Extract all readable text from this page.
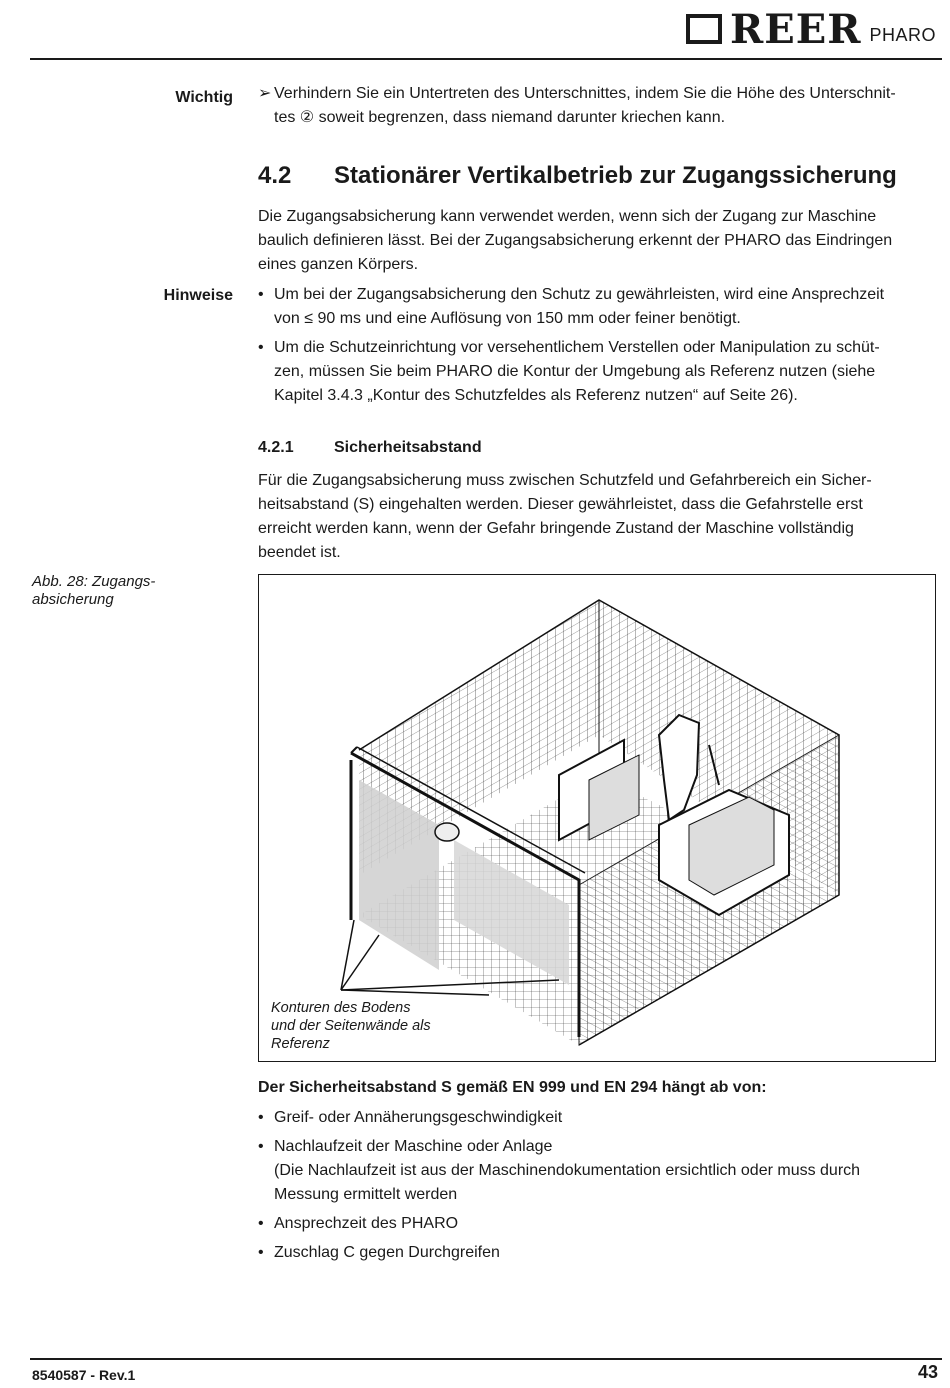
REER PHARO
Wichtig ➢ Verhindern Sie ein Untertreten des Unterschnittes, indem Sie die Höhe des Unterschnit-
tes ② soweit begrenzen, dass niemand darunter kriechen kann.
4.2 Stationärer Vertikalbetrieb zur Zugangssicherung
Die Zugangsabsicherung kann verwendet werden, wenn sich der Zugang zur Maschine
baulich definieren lässt. Bei der Zugangsabsicherung erkennt der PHARO das Eindringen
eines ganzen Körpers.
Hinweise • Um bei der Zugangsabsicherung den Schutz zu gewährleisten, wird eine Ansprechzeit
von ≤ 90 ms und eine Auflösung von 150 mm oder feiner benötigt.
• Um die Schutzeinrichtung vor versehentlichem Verstellen oder Manipulation zu schüt-
zen, müssen Sie beim PHARO die Kontur der Umgebung als Referenz nutzen (siehe
Kapitel 3.4.3 „Kontur des Schutzfeldes als Referenz nutzen“ auf Seite 26).
4.2.1	Sicherheitsabstand
Für die Zugangsabsicherung muss zwischen Schutzfeld und Gefahrbereich ein Sicher-
heitsabstand (S) eingehalten werden. Dieser gewährleistet, dass die Gefahrstelle erst
erreicht werden kann, wenn der Gefahr bringende Zustand der Maschine vollständig
beendet ist.
Abb. 28: Zugangs-
absicherung
Konturen des Bodens
und der Seitenwände als
Referenz
Der Sicherheitsabstand S gemäß EN 999 und EN 294 hängt ab von:
• Greif- oder Annäherungsgeschwindigkeit
• Nachlaufzeit der Maschine oder Anlage
(Die Nachlaufzeit ist aus der Maschinendokumentation ersichtlich oder muss durch
Messung ermittelt werden
• Ansprechzeit des PHARO
• Zuschlag C gegen Durchgreifen
8540587 - Rev.1	43
